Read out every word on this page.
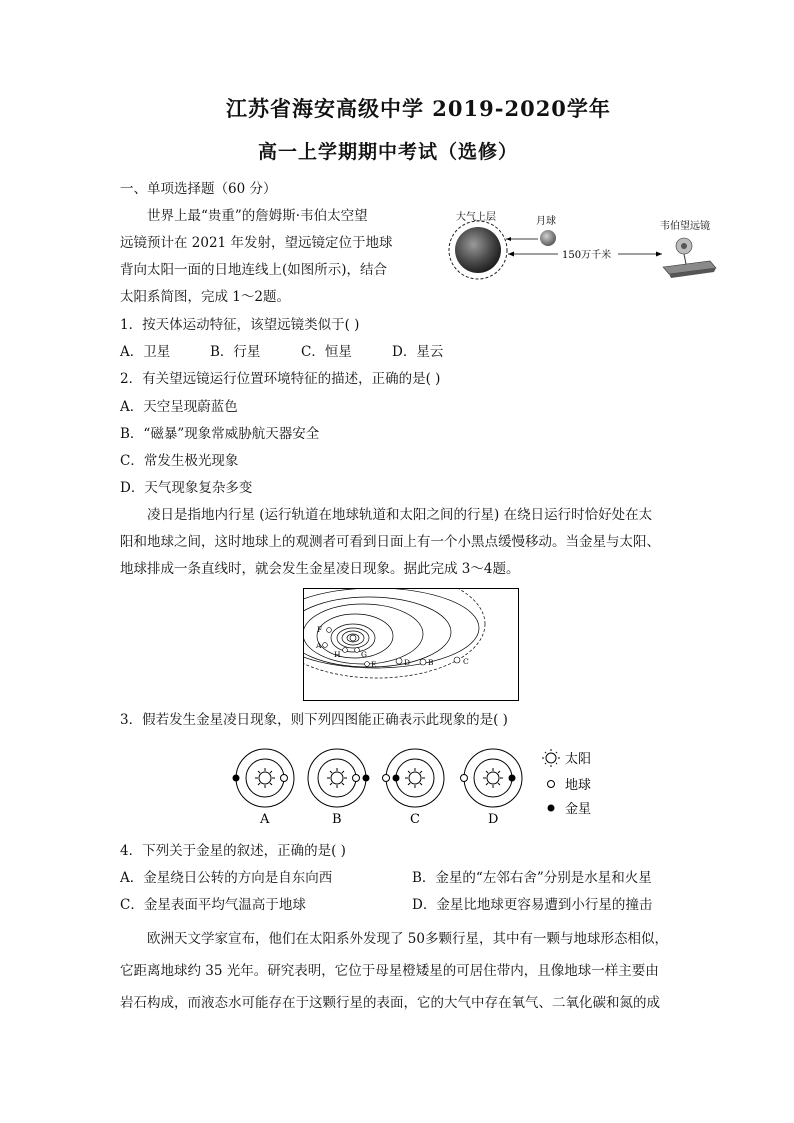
江苏省海安高级中学 2019-2020学年
高一上学期期中考试（选修）
一、单项选择题（60 分）
世界上最“贵重”的詹姆斯·韦伯太空望
远镜预计在 2021 年发射，望远镜定位于地球
背向太阳一面的日地连线上(如图所示)，结合
太阳系简图，完成 1～2题。
大气上层	月球
150万千米
韦伯望远镜
1．按天体运动特征，该望远镜类似于( )
A．卫星	B．行星	C．恒星	D．星云
2．有关望远镜运行位置环境特征的描述，正确的是( )
A．天空呈现蔚蓝色
B．“磁暴”现象常威胁航天器安全
C．常发生极光现象
D．天气现象复杂多变
凌日是指地内行星 (运行轨道在地球轨道和太阳之间的行星) 在绕日运行时恰好处在太
阳和地球之间，这时地球上的观测者可看到日面上有一个小黑点缓慢移动。当金星与太阳、
地球排成一条直线时，就会发生金星凌日现象。据此完成 3～4题。
F
A
H	G
E	D B	C
3．假若发生金星凌日现象，则下列四图能正确表示此现象的是( )
A	B	C	D
太阳
地球
金星
4．下列关于金星的叙述，正确的是( )
A．金星绕日公转的方向是自东向西	B．金星的“左邻右舍”分别是水星和火星
C．金星表面平均气温高于地球	D．金星比地球更容易遭到小行星的撞击
欧洲天文学家宣布，他们在太阳系外发现了 50多颗行星，其中有一颗与地球形态相似，
它距离地球约 35 光年。研究表明，它位于母星橙矮星的可居住带内，且像地球一样主要由
岩石构成，而液态水可能存在于这颗行星的表面，它的大气中存在氧气、二氧化碳和氮的成
